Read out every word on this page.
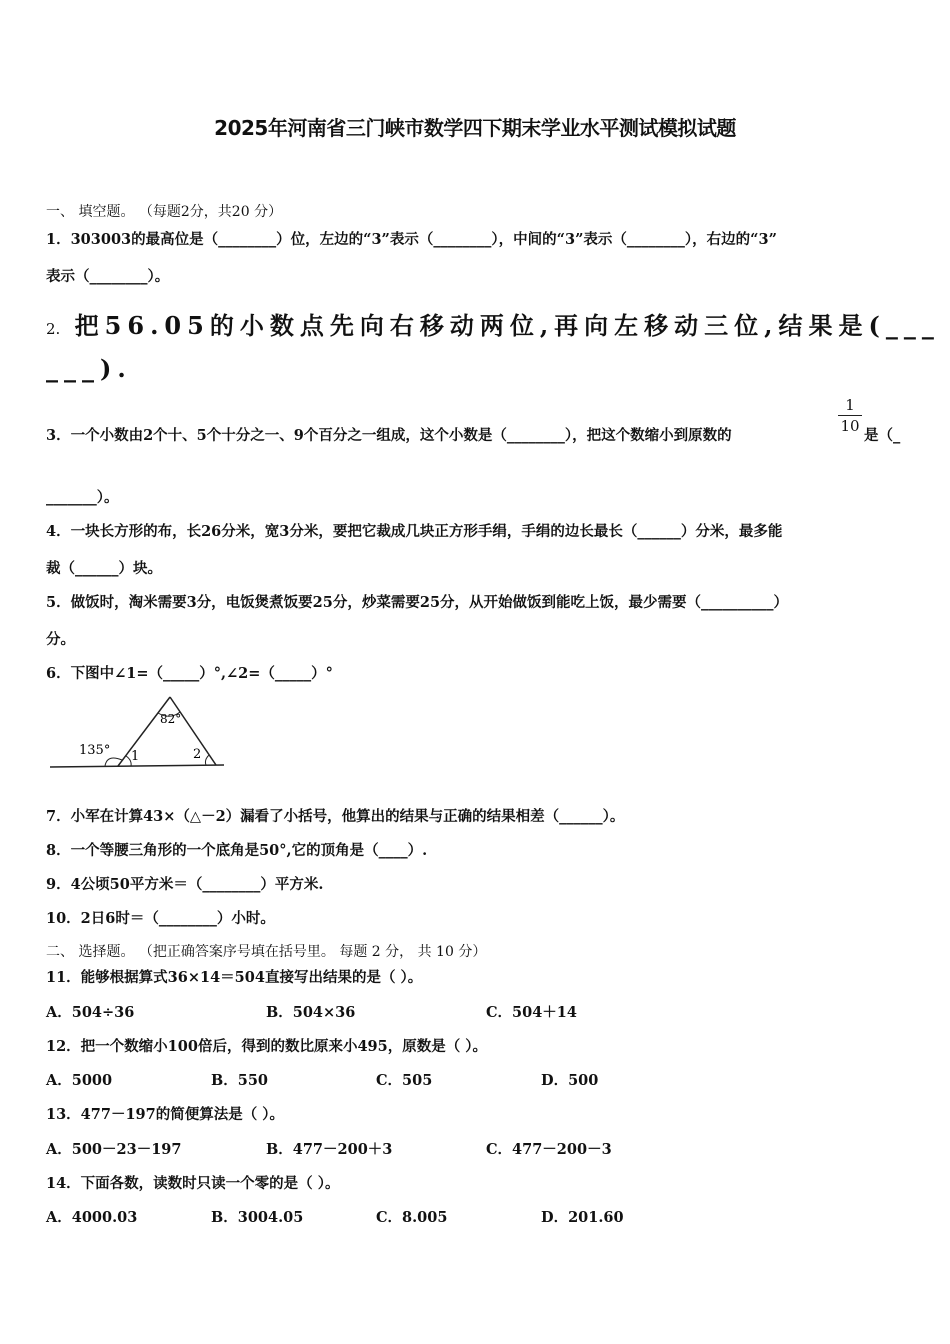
2025年河南省三门峡市数学四下期末学业水平测试模拟试题
一、 填空题。 （每题2分，共20 分）
1．303003的最高位是（________）位，左边的“3”表示（________），中间的“3”表示（________），右边的“3”
表示（________）。
2. 把56.05的小数点先向右移动两位,再向左移动三位,结果是(___
___).
3．一个小数由2个十、5个十分之一、9个百分之一组成，这个小数是（________），把这个数缩小到原数的
1
10
是（_
_______）。
4．一块长方形的布，长26分米，宽3分米，要把它裁成几块正方形手绢，手绢的边长最长（______）分米，最多能
裁（______）块。
5．做饭时，淘米需要3分，电饭煲煮饭要25分，炒菜需要25分，从开始做饭到能吃上饭，最少需要（__________）
分。
6．下图中∠1=（_____）°,∠2=（_____）°
82°
135° 1	2
7．小军在计算43×（△－2）漏看了小括号，他算出的结果与正确的结果相差（______）。
8．一个等腰三角形的一个底角是50°,它的顶角是（____）.
9．4公顷50平方米＝（________）平方米.
10．2日6时＝（________）小时。
二、 选择题。 （把正确答案序号填在括号里。 每题 2 分， 共 10 分）
11．能够根据算式36×14＝504直接写出结果的是（ ）。
A．504÷36	B．504×36	C．504＋14
12．把一个数缩小100倍后，得到的数比原来小495，原数是（ ）。
A．5000	B．550	C．505	D．500
13．477－197的简便算法是（ ）。
A．500－23－197	B．477－200＋3	C．477－200－3
14．下面各数，读数时只读一个零的是（ ）。
A．4000.03	B．3004.05	C．8.005	D．201.60
